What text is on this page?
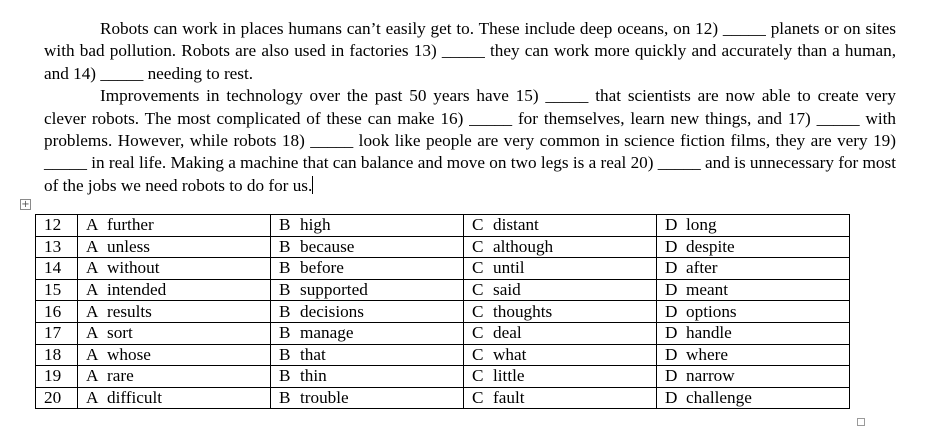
Robots can work in places humans can’t easily get to. These include deep oceans, on 12) _____ planets or on sites with bad pollution. Robots are also used in factories 13) _____ they can work more quickly and accurately than a human, and 14) _____ needing to rest.

Improvements in technology over the past 50 years have 15) _____ that scientists are now able to create very clever robots. The most complicated of these can make 16) _____ for themselves, learn new things, and 17) _____ with problems. However, while robots 18) _____ look like people are very common in science fiction films, they are very 19) _____ in real life. Making a machine that can balance and move on two legs is a real 20) _____ and is unnecessary for most of the jobs we need robots to do for us.

+
12	A further	B high	C distant	D long
13	A unless	B because	C although	D despite
14	A without	B before	C until	D after
15	A intended	B supported	C said	D meant
16	A results	B decisions	C thoughts	D options
17	A sort	B manage	C deal	D handle
18	A whose	B that	C what	D where
19	A rare	B thin	C little	D narrow
20	A difficult	B trouble	C fault	D challenge
